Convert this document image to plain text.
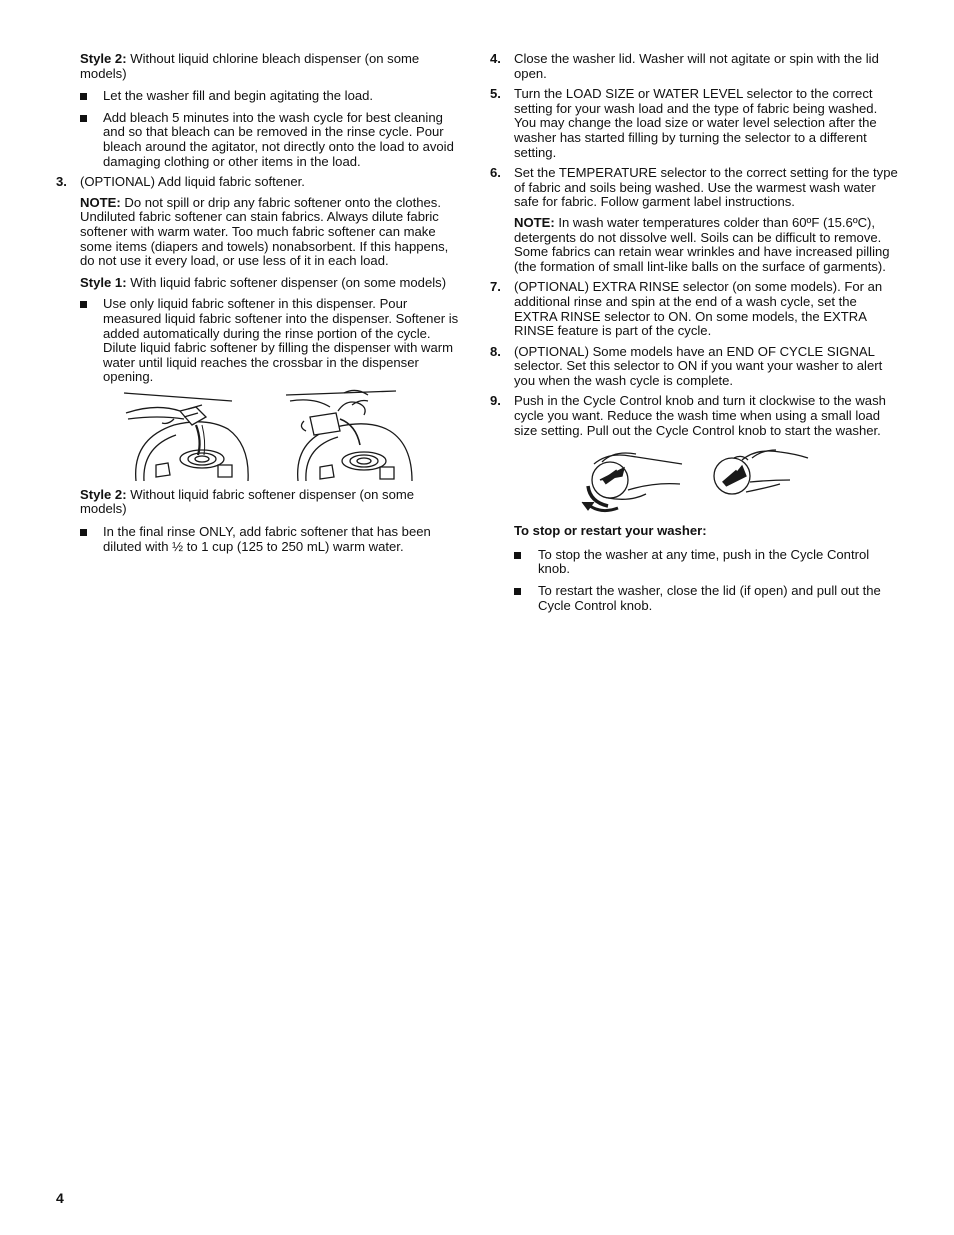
Style 2: Without liquid chlorine bleach dispenser (on some models)

Let the washer fill and begin agitating the load.

Add bleach 5 minutes into the wash cycle for best cleaning and so that bleach can be removed in the rinse cycle. Pour bleach around the agitator, not directly onto the load to avoid damaging clothing or other items in the load.

3. (OPTIONAL) Add liquid fabric softener.

NOTE: Do not spill or drip any fabric softener onto the clothes. Undiluted fabric softener can stain fabrics. Always dilute fabric softener with warm water. Too much fabric softener can make some items (diapers and towels) nonabsorbent. If this happens, do not use it every load, or use less of it in each load.

Style 1: With liquid fabric softener dispenser (on some models)

Use only liquid fabric softener in this dispenser. Pour measured liquid fabric softener into the dispenser. Softener is added automatically during the rinse portion of the cycle. Dilute liquid fabric softener by filling the dispenser with warm water until liquid reaches the crossbar in the dispenser opening.

Style 2: Without liquid fabric softener dispenser (on some models)

In the final rinse ONLY, add fabric softener that has been diluted with ½ to 1 cup (125 to 250 mL) warm water.

4. Close the washer lid. Washer will not agitate or spin with the lid open.

5. Turn the LOAD SIZE or WATER LEVEL selector to the correct setting for your wash load and the type of fabric being washed. You may change the load size or water level selection after the washer has started filling by turning the selector to a different setting.

6. Set the TEMPERATURE selector to the correct setting for the type of fabric and soils being washed. Use the warmest wash water safe for fabric. Follow garment label instructions.

NOTE: In wash water temperatures colder than 60ºF (15.6ºC), detergents do not dissolve well. Soils can be difficult to remove. Some fabrics can retain wear wrinkles and have increased pilling (the formation of small lint-like balls on the surface of garments).

7. (OPTIONAL) EXTRA RINSE selector (on some models). For an additional rinse and spin at the end of a wash cycle, set the EXTRA RINSE selector to ON. On some models, the EXTRA RINSE feature is part of the cycle.

8. (OPTIONAL) Some models have an END OF CYCLE SIGNAL selector. Set this selector to ON if you want your washer to alert you when the wash cycle is complete.

9. Push in the Cycle Control knob and turn it clockwise to the wash cycle you want. Reduce the wash time when using a small load size setting. Pull out the Cycle Control knob to start the washer.

To stop or restart your washer:

To stop the washer at any time, push in the Cycle Control knob.

To restart the washer, close the lid (if open) and pull out the Cycle Control knob.

4
